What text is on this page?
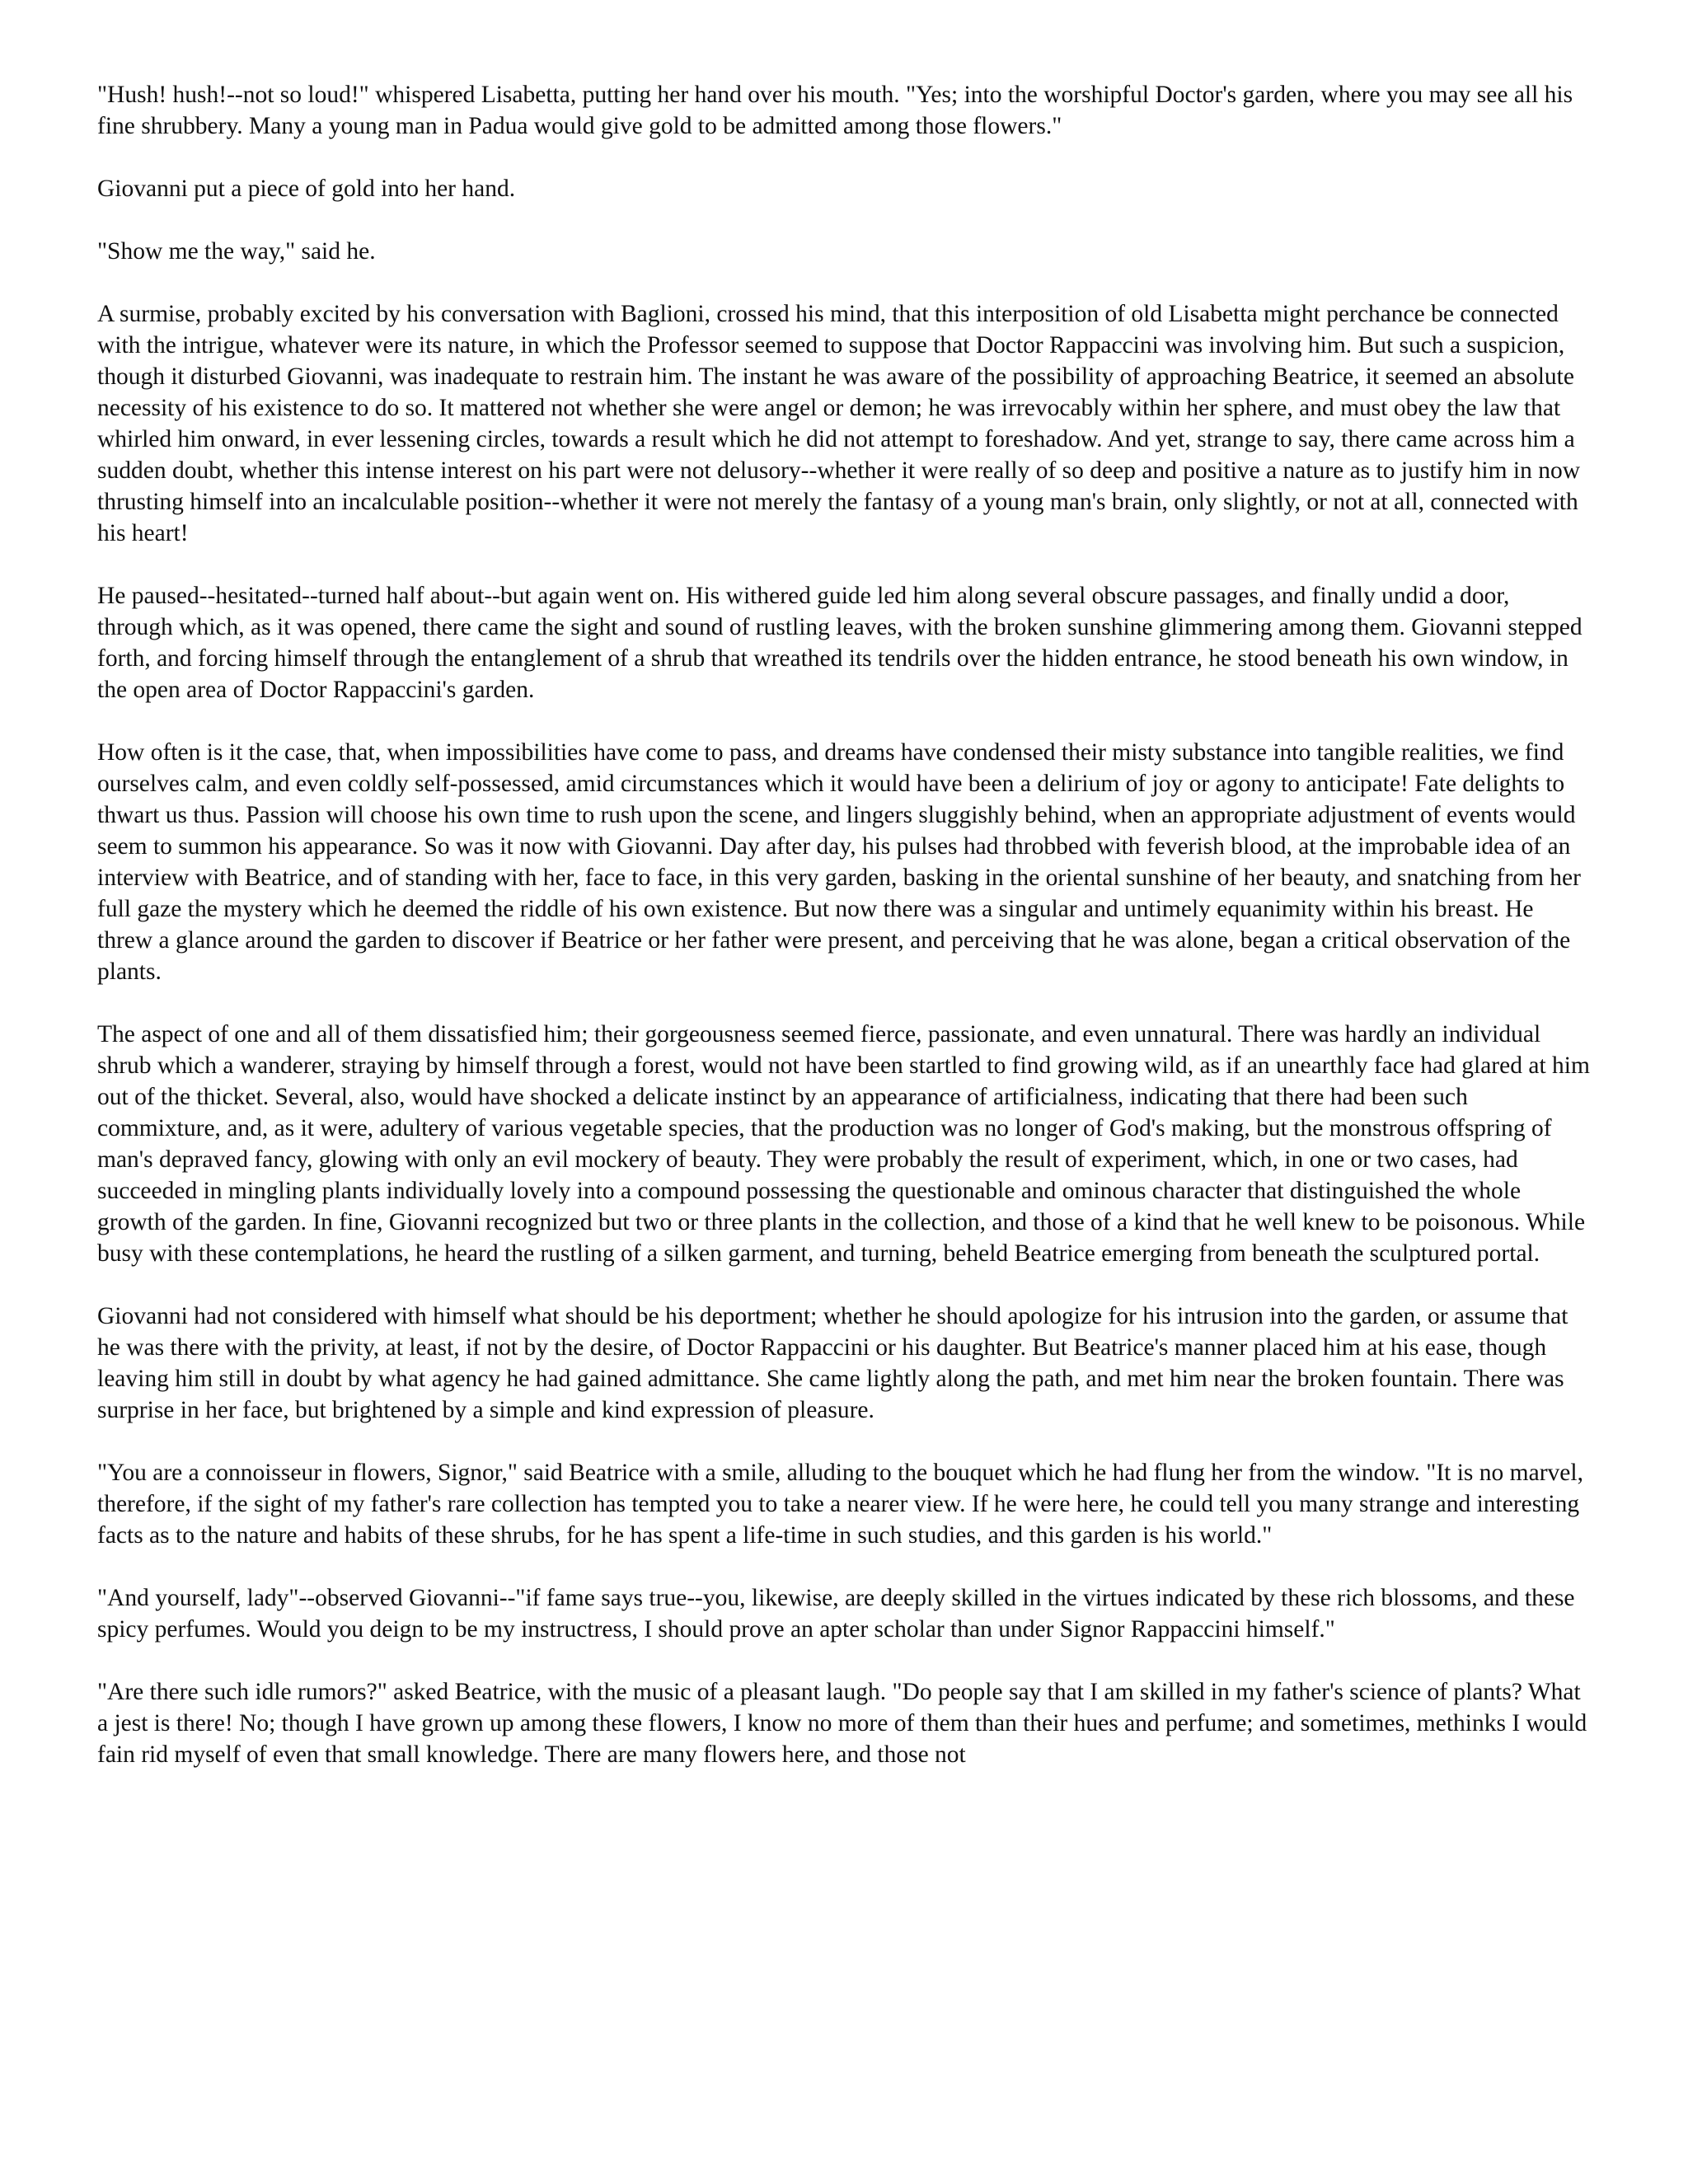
"Hush! hush!--not so loud!" whispered Lisabetta, putting her hand over his mouth. "Yes; into the worshipful Doctor's garden, where you may see all his fine shrubbery. Many a young man in Padua would give gold to be admitted among those flowers."

Giovanni put a piece of gold into her hand.

"Show me the way," said he.

A surmise, probably excited by his conversation with Baglioni, crossed his mind, that this interposition of old Lisabetta might perchance be connected with the intrigue, whatever were its nature, in which the Professor seemed to suppose that Doctor Rappaccini was involving him. But such a suspicion, though it disturbed Giovanni, was inadequate to restrain him. The instant he was aware of the possibility of approaching Beatrice, it seemed an absolute necessity of his existence to do so. It mattered not whether she were angel or demon; he was irrevocably within her sphere, and must obey the law that whirled him onward, in ever lessening circles, towards a result which he did not attempt to foreshadow. And yet, strange to say, there came across him a sudden doubt, whether this intense interest on his part were not delusory--whether it were really of so deep and positive a nature as to justify him in now thrusting himself into an incalculable position--whether it were not merely the fantasy of a young man's brain, only slightly, or not at all, connected with his heart!

He paused--hesitated--turned half about--but again went on. His withered guide led him along several obscure passages, and finally undid a door, through which, as it was opened, there came the sight and sound of rustling leaves, with the broken sunshine glimmering among them. Giovanni stepped forth, and forcing himself through the entanglement of a shrub that wreathed its tendrils over the hidden entrance, he stood beneath his own window, in the open area of Doctor Rappaccini's garden.

How often is it the case, that, when impossibilities have come to pass, and dreams have condensed their misty substance into tangible realities, we find ourselves calm, and even coldly self-possessed, amid circumstances which it would have been a delirium of joy or agony to anticipate! Fate delights to thwart us thus. Passion will choose his own time to rush upon the scene, and lingers sluggishly behind, when an appropriate adjustment of events would seem to summon his appearance. So was it now with Giovanni. Day after day, his pulses had throbbed with feverish blood, at the improbable idea of an interview with Beatrice, and of standing with her, face to face, in this very garden, basking in the oriental sunshine of her beauty, and snatching from her full gaze the mystery which he deemed the riddle of his own existence. But now there was a singular and untimely equanimity within his breast. He threw a glance around the garden to discover if Beatrice or her father were present, and perceiving that he was alone, began a critical observation of the plants.

The aspect of one and all of them dissatisfied him; their gorgeousness seemed fierce, passionate, and even unnatural. There was hardly an individual shrub which a wanderer, straying by himself through a forest, would not have been startled to find growing wild, as if an unearthly face had glared at him out of the thicket. Several, also, would have shocked a delicate instinct by an appearance of artificialness, indicating that there had been such commixture, and, as it were, adultery of various vegetable species, that the production was no longer of God's making, but the monstrous offspring of man's depraved fancy, glowing with only an evil mockery of beauty. They were probably the result of experiment, which, in one or two cases, had succeeded in mingling plants individually lovely into a compound possessing the questionable and ominous character that distinguished the whole growth of the garden. In fine, Giovanni recognized but two or three plants in the collection, and those of a kind that he well knew to be poisonous. While busy with these contemplations, he heard the rustling of a silken garment, and turning, beheld Beatrice emerging from beneath the sculptured portal.

Giovanni had not considered with himself what should be his deportment; whether he should apologize for his intrusion into the garden, or assume that he was there with the privity, at least, if not by the desire, of Doctor Rappaccini or his daughter. But Beatrice's manner placed him at his ease, though leaving him still in doubt by what agency he had gained admittance. She came lightly along the path, and met him near the broken fountain. There was surprise in her face, but brightened by a simple and kind expression of pleasure.

"You are a connoisseur in flowers, Signor," said Beatrice with a smile, alluding to the bouquet which he had flung her from the window. "It is no marvel, therefore, if the sight of my father's rare collection has tempted you to take a nearer view. If he were here, he could tell you many strange and interesting facts as to the nature and habits of these shrubs, for he has spent a life-time in such studies, and this garden is his world."

"And yourself, lady"--observed Giovanni--"if fame says true--you, likewise, are deeply skilled in the virtues indicated by these rich blossoms, and these spicy perfumes. Would you deign to be my instructress, I should prove an apter scholar than under Signor Rappaccini himself."

"Are there such idle rumors?" asked Beatrice, with the music of a pleasant laugh. "Do people say that I am skilled in my father's science of plants? What a jest is there! No; though I have grown up among these flowers, I know no more of them than their hues and perfume; and sometimes, methinks I would fain rid myself of even that small knowledge. There are many flowers here, and those not
